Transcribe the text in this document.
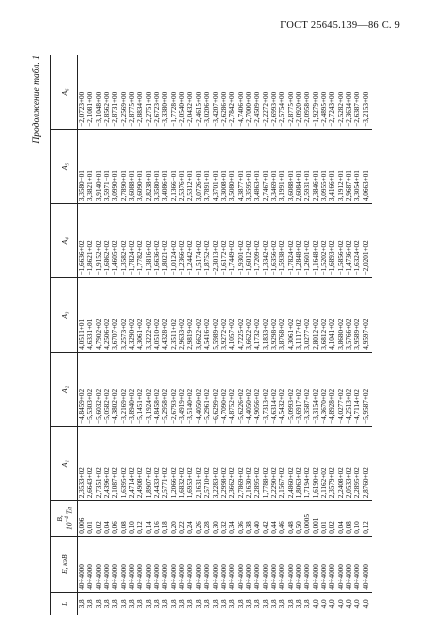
ГОСТ 25645.139—86 С. 9
Продолжение табл. 1
L	E, кэВ	B,
$10^{-4}$ Тл	A₁	A₂	A₃	A₄	A₅	A₆
3,8	40÷4000	0,006	2,3533+02	−4,8459+02	4,0511+01	−1,6636+02	3,3580−01	−2,0723+00
3,8	40÷4000	0,01	2,6643+02	−5,5303+02	4,6331+01	−1,8621+02	3,3821+01	−2,1081+00
3,8	40÷4000	0,02	2,7351+02	−5,6032+02	4,7902+02	−1,9152+02	3,9140+01	−3,1048+00
3,8	40÷4000	0,04	2,4396+02	−5,0582+02	4,2506+02	−1,6862+02	3,5971−01	−2,8562+00
3,8	40÷4000	0,06	2,1087+02	−4,3802+02	3,6707+02	−1,4605+02	3,0990+01	−2,8731+00
3,8	40÷4000	0,08	1,6395+02	−3,2169+02	3,2573+02	−1,3582+02	2,7890+01	−2,2569+00
3,8	40÷4000	0,10	2,4714+02	−3,8940+02	4,3290+02	−1,7824+02	3,6088+01	−2,8775+00
3,8	40÷4000	0,12	2,4908+02	−5,1451+02	4,3061+02	−1,7782+02	3,6090+01	−2,8834+00
3,8	40÷4000	0,14	1,8907+02	−3,1924+02	3,3222+02	−1,3816+02	2,8238+01	−2,2751+00
3,8	40÷4000	0,16	2,4433+02	−4,8458+02	4,0510+02	−1,6636+02	3,3580+01	−2,6723+00
3,8	40÷4000	0,18	2,5771+02	−5,2958+02	4,4328+02	−1,8021+02	3,4086+01	−3,3380+00
3,8	40÷4000	0,20	1,2066+02	−2,6793+02	2,3511+02	−1,0124+02	2,1366−01	−1,7728+00
3,8	40÷4000	0,22	1,6832+02	−3,4919+02	2,9633+02	−1,2366+02	2,5376+01	−2,0540+00
3,8	40÷4000	0,24	1,6953+02	−3,5140+02	2,9819+02	−1,2442+02	2,5312+01	−2,0432+00
3,8	40÷4000	0,26	2,1631+02	−4,4050+02	3,6622+02	−1,5174+02	3,0726+01	−2,4615+00
3,8	40÷4000	0,28	2,5710+02	−5,2961+02	4,5416+02	−1,8752+02	3,7891+01	−3,0206+00
3,8	40÷4000	0,30	3,2283+02	−6,6299+02	5,5989+02	−2,3013+02	4,3701+01	−3,4207+00
3,8	40÷4000	0,32	2,2998+02	−4,7090+02	3,9272+02	−1,6172+02	3,3008+01	−2,6286+00
3,8	40÷4000	0,34	2,3662+02	−4,8752+02	4,1057+02	−1,7449+02	3,5080+01	−2,7842+00
3,8	40÷4000	0,36	2,7869+02	−5,6226+02	4,7225+02	−1,9301+02	4,3877+01	−4,7406+00
3,8	40÷4000	0,38	2,1630+02	−4,4050+02	3,6622+02	−1,6012+02	3,3595+01	−2,7000+00
3,8	40÷4000	0,40	2,2895+02	−4,9056+02	4,1732+02	−1,7209+02	3,4863+01	−2,4509+00
3,8	40÷4000	0,42	1,7788+02	−3,7313+02	3,1833+02	−1,3342+02	2,7467+01	−2,2272+00
3,8	40÷4000	0,44	2,2290+02	−4,6314+02	3,9298+02	−1,6356+02	3,3469+01	−2,6993+00
3,8	40÷4000	0,46	2,1567+02	−4,5432+02	3,8768+02	−1,5938+02	3,1991+01	−2,5754+00
3,8	40÷4000	0,48	2,4860+02	−5,0993+02	4,3061+02	−1,7824+02	3,6088+01	−2,8775+00
3,8	40÷4000	0,50	1,8063+02	−3,6917+02	3,1117+02	−1,2848+02	2,6084+01	−2,0920+00
3,8	40÷4000	0,0005	1,7194+02	−3,3587+02	3,0277+02	−1,2601+02	2,5931+01	−2,0958+00
4,0	40÷4000	0,001	1,6190+02	−3,3154+02	2,8012+02	−1,1648+02	2,3846+01	−1,9279+00
4,0	40÷4000	0,01	2,1162+02	−4,3670+02	3,6812+02	−1,5202+02	3,0955+01	−2,4895+00
4,0	40÷4000	0,02	2,3579+02	−4,8928+02	4,1041+02	−1,6893+02	3,4166+01	−2,7243+00
4,0	40÷4000	0,04	2,2408+02	−4,0277+02	3,8680+02	−1,5856+02	3,1912+01	−2,5282+00
4,0	40÷4000	0,08	2,0533+02	−4,2513+02	3,5766+02	−1,4736+02	2,9687+01	−2,3634+00
4,0	40÷4000	0,10	2,2895+02	−4,7114+02	3,9589+02	−1,6324+02	3,3054+01	−2,6387+00
4,0	40÷4000	0,12	2,8760+02	−5,9587+02	4,9597+02	−2,0201+02	4,0663+01	−3,2153+00
